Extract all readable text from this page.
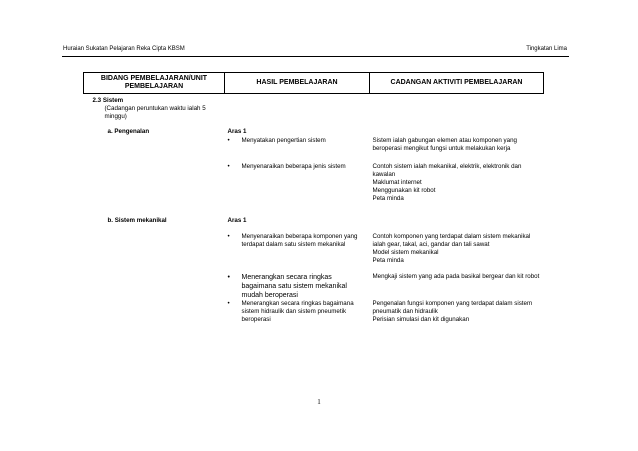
Huraian Sukatan Pelajaran Reka Cipta KBSM	Tingkatan Lima
BIDANG PEMBELAJARAN/UNIT PEMBELAJARAN	HASIL PEMBELAJARAN	CADANGAN AKTIVITI PEMBELAJARAN

2.3 Sistem
(Cadangan peruntukan waktu ialah 5 minggu)		

a. Pengenalan	Aras 1	

	• Menyatakan pengertian sistem	Sistem ialah gabungan elemen atau komponen yang beroperasi mengikut fungsi untuk melakukan kerja

	• Menyenaraikan beberapa jenis sistem	Contoh sistem ialah mekanikal, elektrik, elektronik dan kawalan
Maklumat internet
Menggunakan kit robot
Peta minda
b. Sistem mekanikal	Aras 1	

	• Menyenaraikan beberapa komponen yang terdapat dalam satu sistem mekanikal	Contoh komponen yang terdapat dalam sistem mekanikal ialah gear, takal, aci, gandar dan tali sawat
Model sistem mekanikal
Peta minda

	• Menerangkan secara ringkas bagaimana satu sistem mekanikal mudah beroperasi	Mengkaji sistem yang ada pada basikal bergear dan kit robot

	• Menerangkan secara ringkas bagaimana sistem hidraulik dan sistem pneumetik beroperasi	Pengenalan fungsi komponen yang terdapat dalam sistem pneumatik dan hidraulik
Perisian simulasi dan kit digunakan
1
